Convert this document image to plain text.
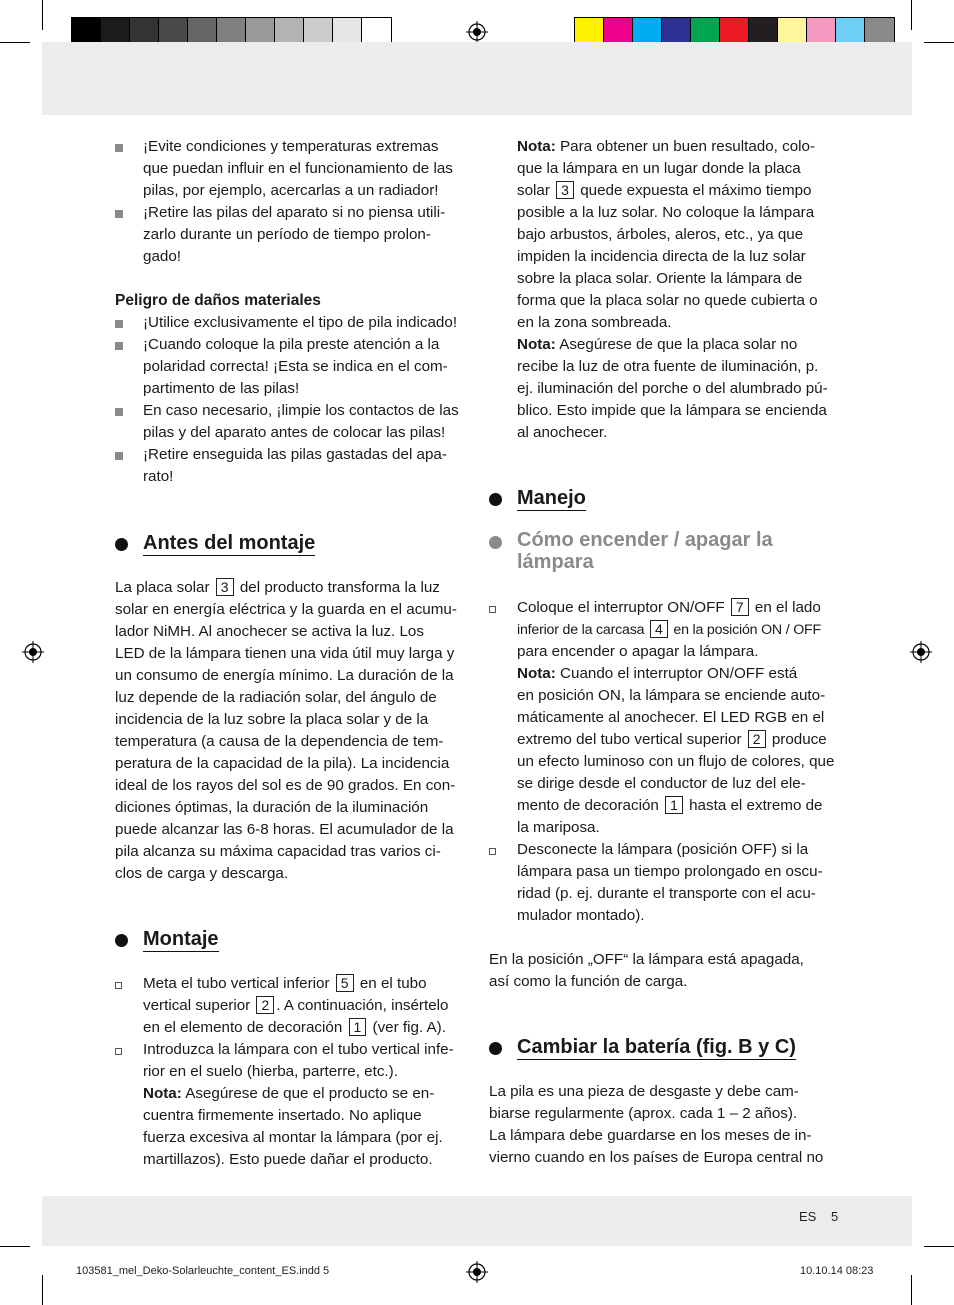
¡Evite condiciones y temperaturas extremas

que puedan influir en el funcionamiento de las

pilas, por ejemplo, acercarlas a un radiador!

¡Retire las pilas del aparato si no piensa utili-

zarlo durante un período de tiempo prolon-

gado!

Peligro de daños materiales

¡Utilice exclusivamente el tipo de pila indicado!

¡Cuando coloque la pila preste atención a la

polaridad correcta! ¡Esta se indica en el com-

partimento de las pilas!

En caso necesario, ¡limpie los contactos de las

pilas y del aparato antes de colocar las pilas!

¡Retire enseguida las pilas gastadas del apa-

rato!

Antes del montaje

La placa solar 3 del producto transforma la luz

solar en energía eléctrica y la guarda en el acumu-

lador NiMH. Al anochecer se activa la luz. Los

LED de la lámpara tienen una vida útil muy larga y

un consumo de energía mínimo. La duración de la

luz depende de la radiación solar, del ángulo de

incidencia de la luz sobre la placa solar y de la

temperatura (a causa de la dependencia de tem-

peratura de la capacidad de la pila). La incidencia

ideal de los rayos del sol es de 90 grados. En con-

diciones óptimas, la duración de la iluminación

puede alcanzar las 6-8 horas. El acumulador de la

pila alcanza su máxima capacidad tras varios ci-

clos de carga y descarga.

Montaje

Meta el tubo vertical inferior 5 en el tubo

vertical superior 2 . A continuación, insértelo

en el elemento de decoración 1 (ver fig. A).

Introduzca la lámpara con el tubo vertical infe-

rior en el suelo (hierba, parterre, etc.).

Nota: Asegúrese de que el producto se en-

cuentra firmemente insertado. No aplique

fuerza excesiva al montar la lámpara (por ej.

martillazos). Esto puede dañar el producto.

Nota: Para obtener un buen resultado, colo-

que la lámpara en un lugar donde la placa

solar 3 quede expuesta el máximo tiempo

posible a la luz solar. No coloque la lámpara

bajo arbustos, árboles, aleros, etc., ya que

impiden la incidencia directa de la luz solar

sobre la placa solar. Oriente la lámpara de

forma que la placa solar no quede cubierta o

en la zona sombreada.

Nota: Asegúrese de que la placa solar no

recibe la luz de otra fuente de iluminación, p.

ej. iluminación del porche o del alumbrado pú-

blico. Esto impide que la lámpara se encienda

al anochecer.

Manejo

Cómo encender / apagar la

lámpara

Coloque el interruptor ON/OFF 7 en el lado

inferior de la carcasa 4 en la posición ON / OFF

para encender o apagar la lámpara.

Nota: Cuando el interruptor ON/OFF está

en posición ON, la lámpara se enciende auto-

máticamente al anochecer. El LED RGB en el

extremo del tubo vertical superior 2 produce

un efecto luminoso con un flujo de colores, que

se dirige desde el conductor de luz del ele-

mento de decoración 1 hasta el extremo de

la mariposa.

Desconecte la lámpara (posición OFF) si la

lámpara pasa un tiempo prolongado en oscu-

ridad (p. ej. durante el transporte con el acu-

mulador montado).

En la posición „OFF“ la lámpara está apagada,

así como la función de carga.

Cambiar la batería (fig. B y C)

La pila es una pieza de desgaste y debe cam-

biarse regularmente (aprox. cada 1 – 2 años).

La lámpara debe guardarse en los meses de in-

vierno cuando en los países de Europa central no

ES 5
103581_mel_Deko-Solarleuchte_content_ES.indd 5	10.10.14 08:23
